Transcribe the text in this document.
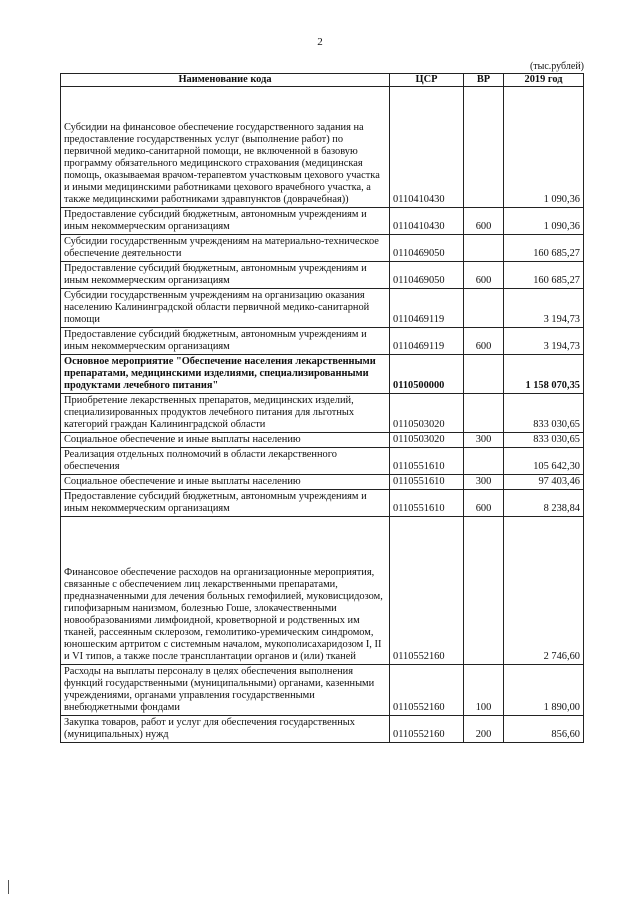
2
(тыс.рублей)
Наименование кода	ЦСР	ВР	2019 год
Субсидии на финансовое обеспечение государственного задания на предоставление государственных услуг (выполнение работ) по первичной медико-санитарной помощи, не включенной в базовую программу обязательного медицинского страхования (медицинская помощь, оказываемая врачом-терапевтом участковым цехового участка и иными медицинскими работниками цехового врачебного участка, а также медицинскими работниками здравпунктов (доврачебная))	0110410430		1 090,36
Предоставление субсидий бюджетным, автономным учреждениям и иным некоммерческим организациям	0110410430	600	1 090,36
Субсидии государственным учреждениям на материально-техническое обеспечение деятельности	0110469050		160 685,27
Предоставление субсидий бюджетным, автономным учреждениям и иным некоммерческим организациям	0110469050	600	160 685,27
Субсидии государственным учреждениям на организацию оказания населению Калининградской области первичной медико-санитарной помощи	0110469119		3 194,73
Предоставление субсидий бюджетным, автономным учреждениям и иным некоммерческим организациям	0110469119	600	3 194,73
Основное мероприятие "Обеспечение населения лекарственными препаратами, медицинскими изделиями, специализированными продуктами лечебного питания"	0110500000		1 158 070,35
Приобретение лекарственных препаратов, медицинских изделий, специализированных продуктов лечебного питания для льготных категорий граждан Калининградской области	0110503020		833 030,65
Социальное обеспечение и иные выплаты населению	0110503020	300	833 030,65
Реализация отдельных полномочий в области лекарственного обеспечения	0110551610		105 642,30
Социальное обеспечение и иные выплаты населению	0110551610	300	97 403,46
Предоставление субсидий бюджетным, автономным учреждениям и иным некоммерческим организациям	0110551610	600	8 238,84
Финансовое обеспечение расходов на организационные мероприятия, связанные с обеспечением лиц лекарственными препаратами, предназначенными для лечения больных гемофилией, муковисцидозом, гипофизарным нанизмом, болезнью Гоше, злокачественными новообразованиями лимфоидной, кроветворной и родственных им тканей, рассеянным склерозом, гемолитико-уремическим синдромом, юношеским артритом с системным началом, мукополисахаридозом I, II и VI типов, а также после трансплантации органов и (или) тканей	0110552160		2 746,60
Расходы на выплаты персоналу в целях обеспечения выполнения функций государственными (муниципальными) органами, казенными учреждениями, органами управления государственными внебюджетными фондами	0110552160	100	1 890,00
Закупка товаров, работ и услуг для обеспечения государственных (муниципальных) нужд	0110552160	200	856,60
